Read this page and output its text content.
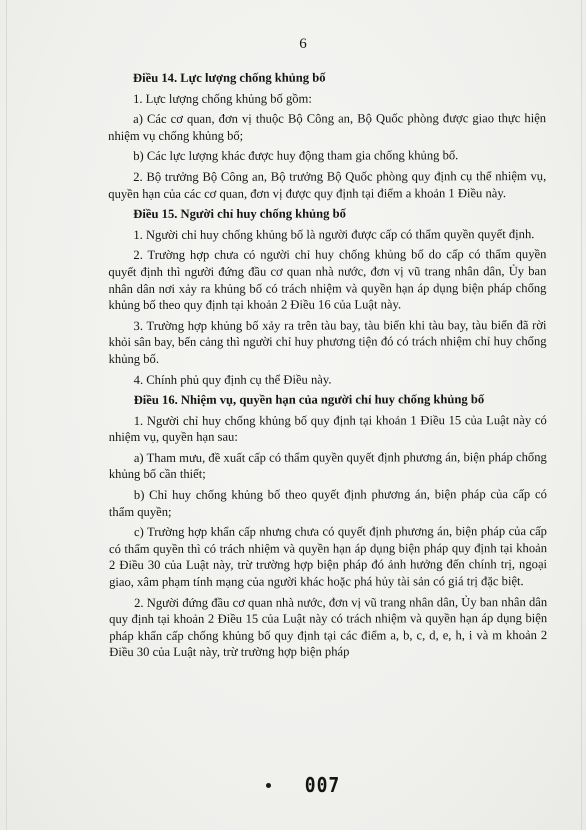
6

Điều 14. Lực lượng chống khủng bố

1. Lực lượng chống khủng bố gồm:

a) Các cơ quan, đơn vị thuộc Bộ Công an, Bộ Quốc phòng được giao thực hiện nhiệm vụ chống khủng bố;

b) Các lực lượng khác được huy động tham gia chống khủng bố.

2. Bộ trưởng Bộ Công an, Bộ trưởng Bộ Quốc phòng quy định cụ thể nhiệm vụ, quyền hạn của các cơ quan, đơn vị được quy định tại điểm a khoản 1 Điều này.

Điều 15. Người chỉ huy chống khủng bố

1. Người chỉ huy chống khủng bố là người được cấp có thẩm quyền quyết định.

2. Trường hợp chưa có người chỉ huy chống khủng bố do cấp có thẩm quyền quyết định thì người đứng đầu cơ quan nhà nước, đơn vị vũ trang nhân dân, Ủy ban nhân dân nơi xảy ra khủng bố có trách nhiệm và quyền hạn áp dụng biện pháp chống khủng bố theo quy định tại khoản 2 Điều 16 của Luật này.

3. Trường hợp khủng bố xảy ra trên tàu bay, tàu biển khi tàu bay, tàu biển đã rời khỏi sân bay, bến cảng thì người chỉ huy phương tiện đó có trách nhiệm chỉ huy chống khủng bố.

4. Chính phủ quy định cụ thể Điều này.

Điều 16. Nhiệm vụ, quyền hạn của người chỉ huy chống khủng bố

1. Người chỉ huy chống khủng bố quy định tại khoản 1 Điều 15 của Luật này có nhiệm vụ, quyền hạn sau:

a) Tham mưu, đề xuất cấp có thẩm quyền quyết định phương án, biện pháp chống khủng bố cần thiết;

b) Chỉ huy chống khủng bố theo quyết định phương án, biện pháp của cấp có thẩm quyền;

c) Trường hợp khẩn cấp nhưng chưa có quyết định phương án, biện pháp của cấp có thẩm quyền thì có trách nhiệm và quyền hạn áp dụng biện pháp quy định tại khoản 2 Điều 30 của Luật này, trừ trường hợp biện pháp đó ảnh hưởng đến chính trị, ngoại giao, xâm phạm tính mạng của người khác hoặc phá hủy tài sản có giá trị đặc biệt.

2. Người đứng đầu cơ quan nhà nước, đơn vị vũ trang nhân dân, Ủy ban nhân dân quy định tại khoản 2 Điều 15 của Luật này có trách nhiệm và quyền hạn áp dụng biện pháp khẩn cấp chống khủng bố quy định tại các điểm a, b, c, d, e, h, i và m khoản 2 Điều 30 của Luật này, trừ trường hợp biện pháp

007
